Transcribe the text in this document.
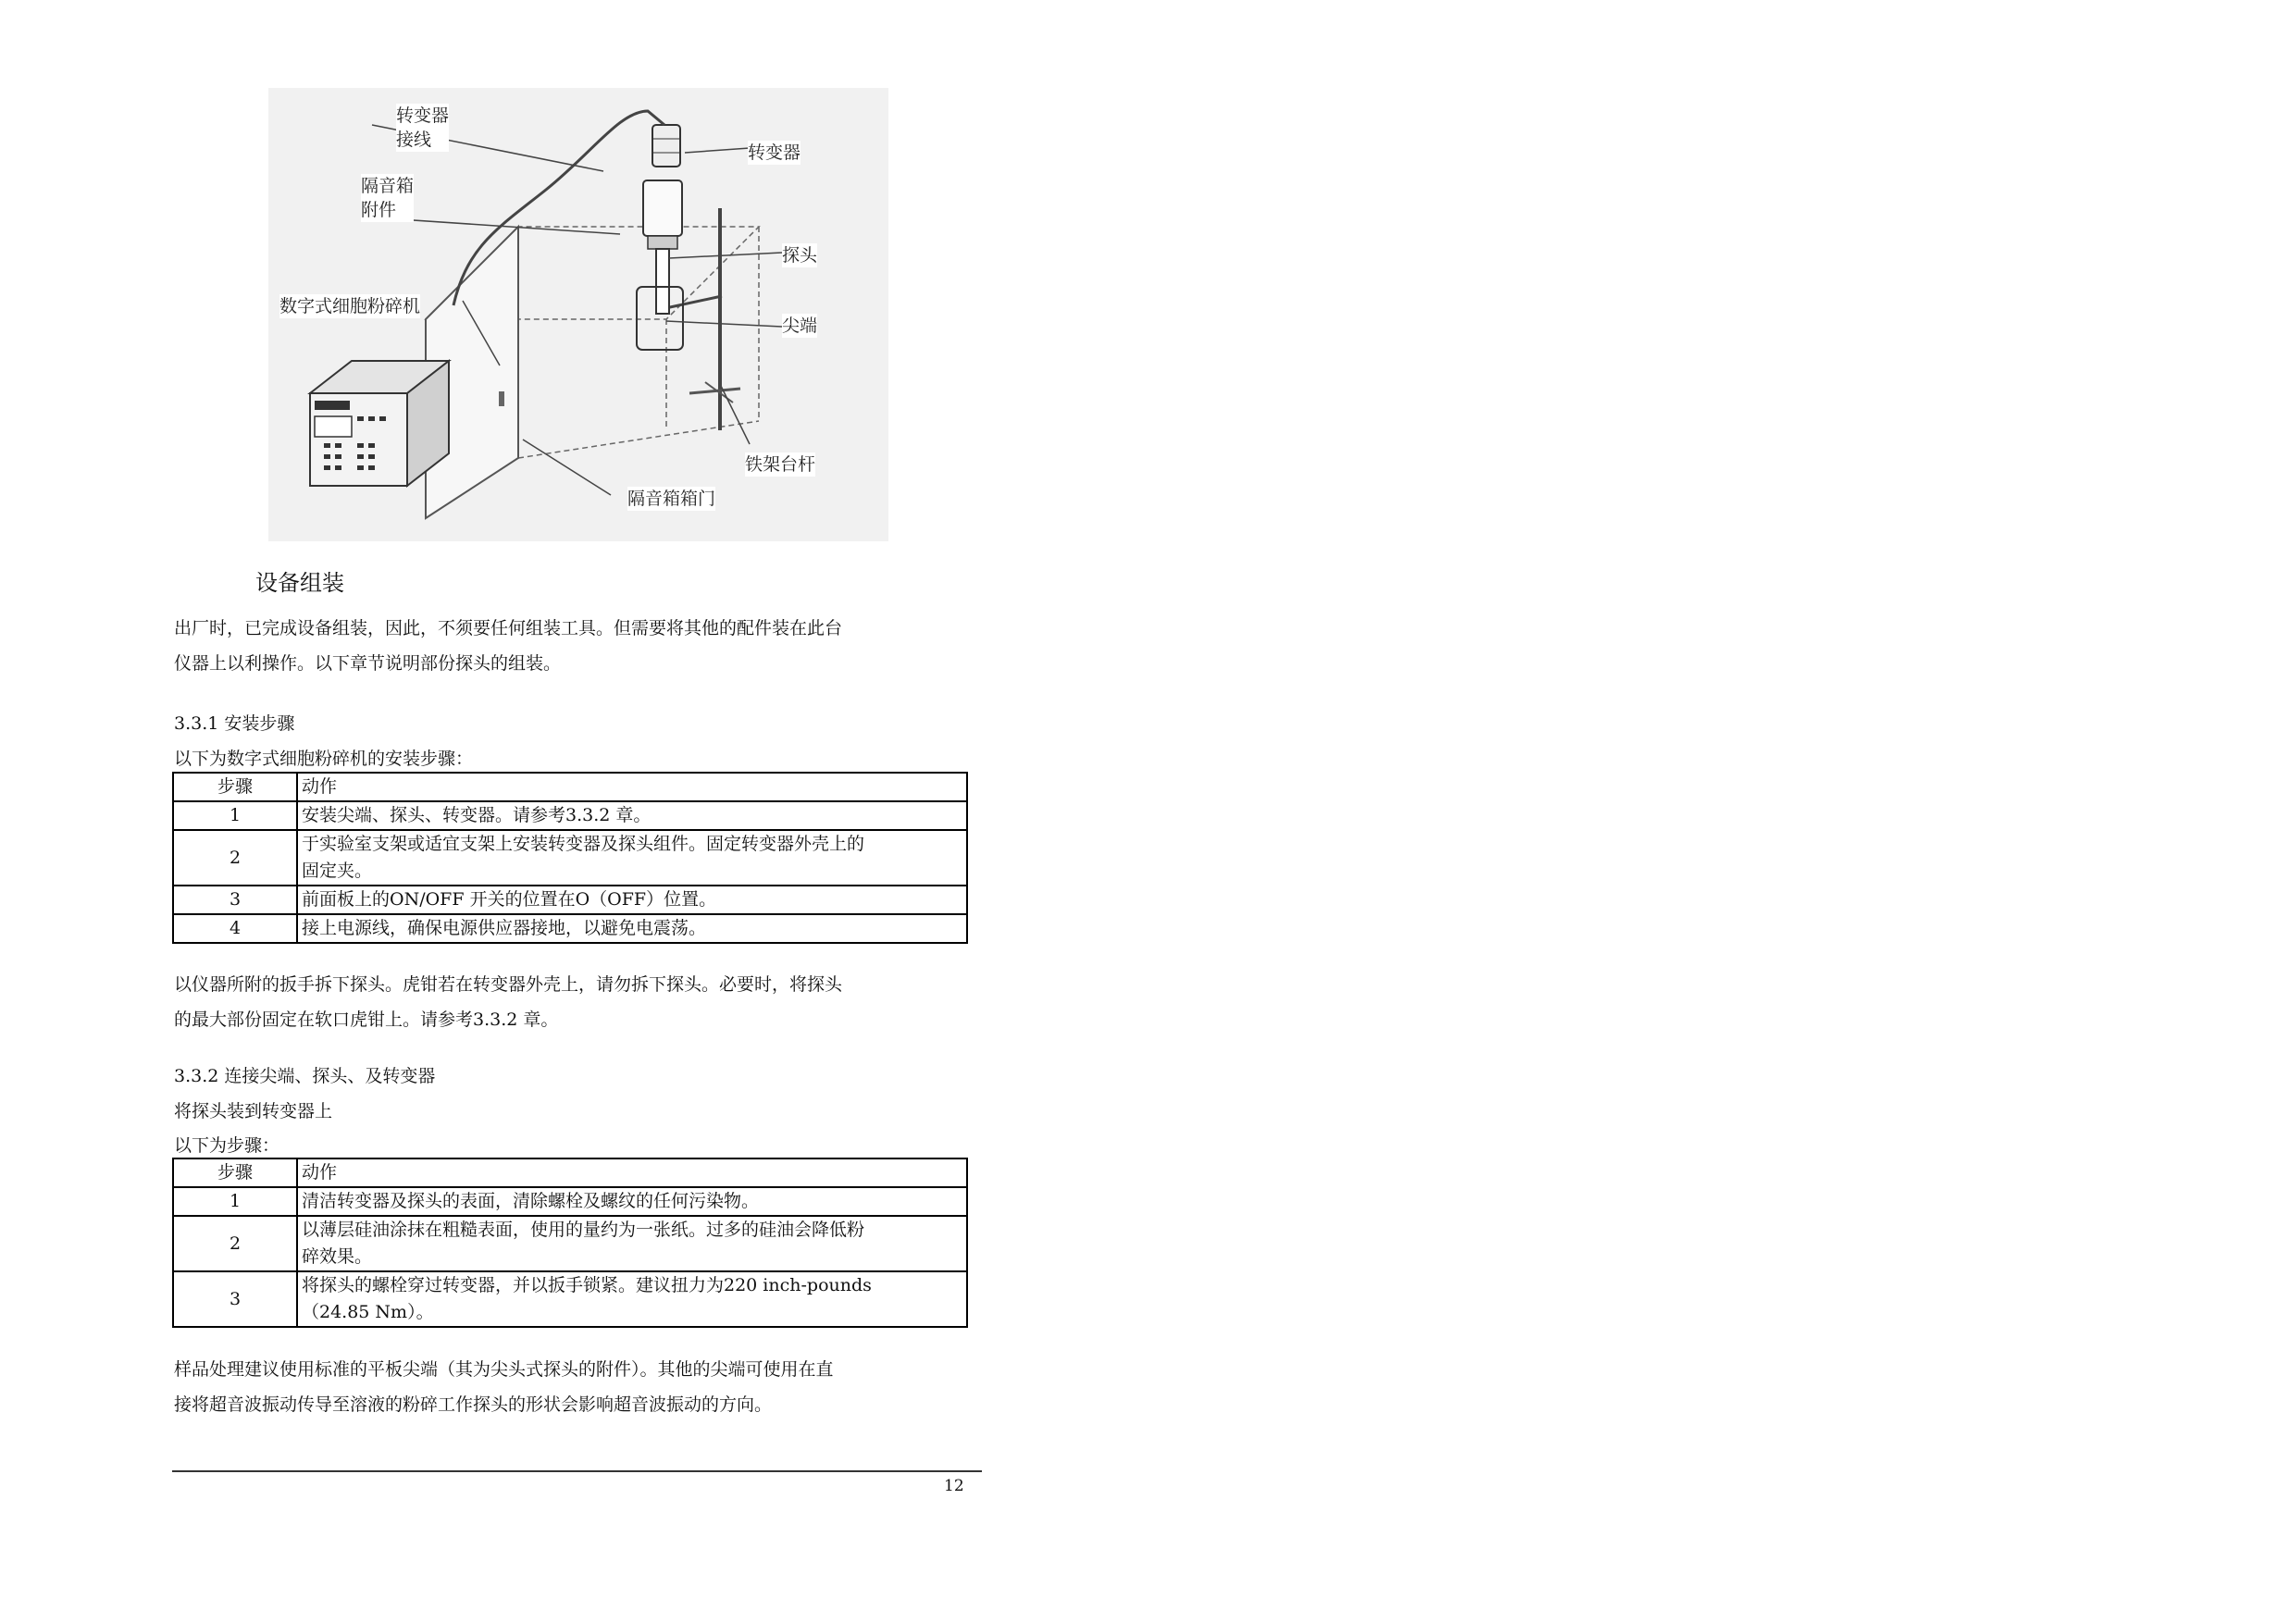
转变器
接线
转变器
隔音箱
附件
探头
数字式细胞粉碎机
尖端
铁架台杆
隔音箱箱门
设备组装
出厂时，已完成设备组装，因此，不须要任何组装工具。但需要将其他的配件装在此台
仪器上以利操作。以下章节说明部份探头的组装。
3.3.1 安装步骤
以下为数字式细胞粉碎机的安装步骤：
步骤	动作
1	安装尖端、探头、转变器。请参考3.3.2 章。

2	于实验室支架或适宜支架上安装转变器及探头组件。固定转变器外壳上的
固定夹。

3	前面板上的ON/OFF 开关的位置在O（OFF）位置。

4	接上电源线，确保电源供应器接地，以避免电震荡。
以仪器所附的扳手拆下探头。虎钳若在转变器外壳上，请勿拆下探头。必要时，将探头
的最大部份固定在软口虎钳上。请参考3.3.2 章。
3.3.2 连接尖端、探头、及转变器
将探头装到转变器上
以下为步骤：
步骤	动作
1	清洁转变器及探头的表面，清除螺栓及螺纹的任何污染物。

2	以薄层硅油涂抹在粗糙表面，使用的量约为一张纸。过多的硅油会降低粉
碎效果。

3	将探头的螺栓穿过转变器，并以扳手锁紧。建议扭力为220 inch-pounds
（24.85 Nm）。
样品处理建议使用标准的平板尖端（其为尖头式探头的附件）。其他的尖端可使用在直
接将超音波振动传导至溶液的粉碎工作探头的形状会影响超音波振动的方向。
12
